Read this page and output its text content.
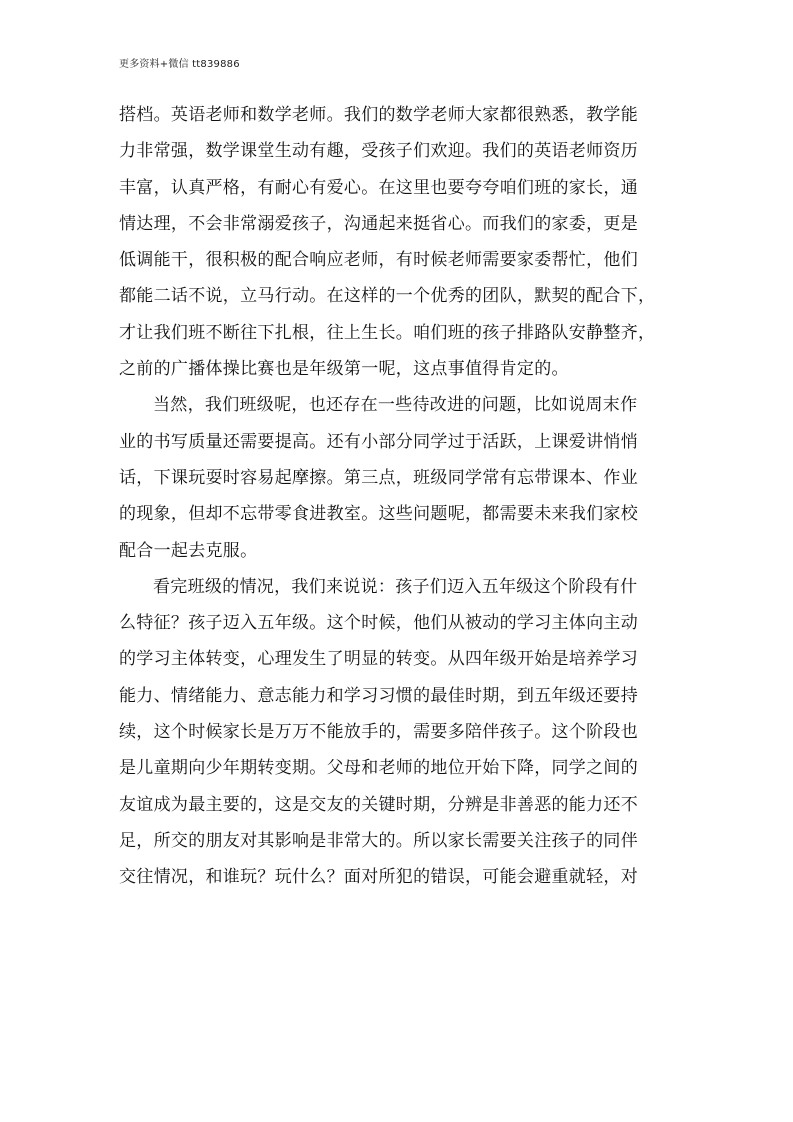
更多资料+微信 tt839886
搭档。英语老师和数学老师。我们的数学老师大家都很熟悉，教学能
力非常强，数学课堂生动有趣，受孩子们欢迎。我们的英语老师资历
丰富，认真严格，有耐心有爱心。在这里也要夸夸咱们班的家长，通
情达理，不会非常溺爱孩子，沟通起来挺省心。而我们的家委，更是
低调能干，很积极的配合响应老师，有时候老师需要家委帮忙，他们
都能二话不说，立马行动。在这样的一个优秀的团队，默契的配合下，
才让我们班不断往下扎根，往上生长。咱们班的孩子排路队安静整齐，
之前的广播体操比赛也是年级第一呢，这点事值得肯定的。
当然，我们班级呢，也还存在一些待改进的问题，比如说周末作
业的书写质量还需要提高。还有小部分同学过于活跃，上课爱讲悄悄
话，下课玩耍时容易起摩擦。第三点，班级同学常有忘带课本、作业
的现象，但却不忘带零食进教室。这些问题呢，都需要未来我们家校
配合一起去克服。
看完班级的情况，我们来说说：孩子们迈入五年级这个阶段有什
么特征？孩子迈入五年级。这个时候，他们从被动的学习主体向主动
的学习主体转变，心理发生了明显的转变。从四年级开始是培养学习
能力、情绪能力、意志能力和学习习惯的最佳时期，到五年级还要持
续，这个时候家长是万万不能放手的，需要多陪伴孩子。这个阶段也
是儿童期向少年期转变期。父母和老师的地位开始下降，同学之间的
友谊成为最主要的，这是交友的关键时期，分辨是非善恶的能力还不
足，所交的朋友对其影响是非常大的。所以家长需要关注孩子的同伴
交往情况，和谁玩？玩什么？面对所犯的错误，可能会避重就轻，对
